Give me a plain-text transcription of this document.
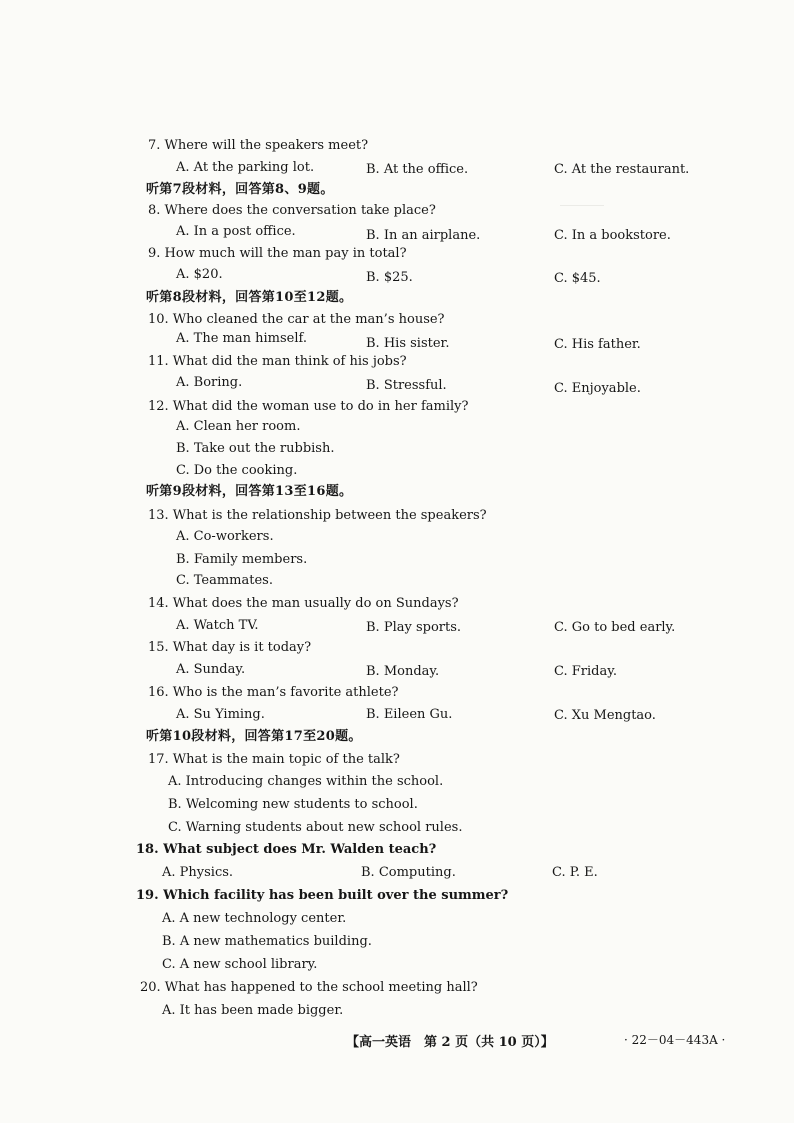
________
7. Where will the speakers meet?
A. At the parking lot.	B. At the office.	C. At the restaurant.
听第7段材料，回答第8、9题。
8. Where does the conversation take place?
A. In a post office.	B. In an airplane.	C. In a bookstore.
9. How much will the man pay in total?
A. $20.	B. $25.	C. $45.
听第8段材料，回答第10至12题。
10. Who cleaned the car at the man’s house?
A. The man himself.	B. His sister.	C. His father.
11. What did the man think of his jobs?
A. Boring.	B. Stressful.	C. Enjoyable.
12. What did the woman use to do in her family?
A. Clean her room.
B. Take out the rubbish.
C. Do the cooking.
听第9段材料，回答第13至16题。
13. What is the relationship between the speakers?
A. Co-workers.
B. Family members.
C. Teammates.
14. What does the man usually do on Sundays?
A. Watch TV.	B. Play sports.	C. Go to bed early.
15. What day is it today?
A. Sunday.	B. Monday.	C. Friday.
16. Who is the man’s favorite athlete?
A. Su Yiming.	B. Eileen Gu.	C. Xu Mengtao.
听第10段材料，回答第17至20题。
17. What is the main topic of the talk?
A. Introducing changes within the school.
B. Welcoming new students to school.
C. Warning students about new school rules.
18. What subject does Mr. Walden teach?
A. Physics.	B. Computing.	C. P. E.
19. Which facility has been built over the summer?
A. A new technology center.
B. A new mathematics building.
C. A new school library.
20. What has happened to the school meeting hall?
A. It has been made bigger.
【高一英语　第 2 页（共 10 页）】	· 22－04－443A ·
